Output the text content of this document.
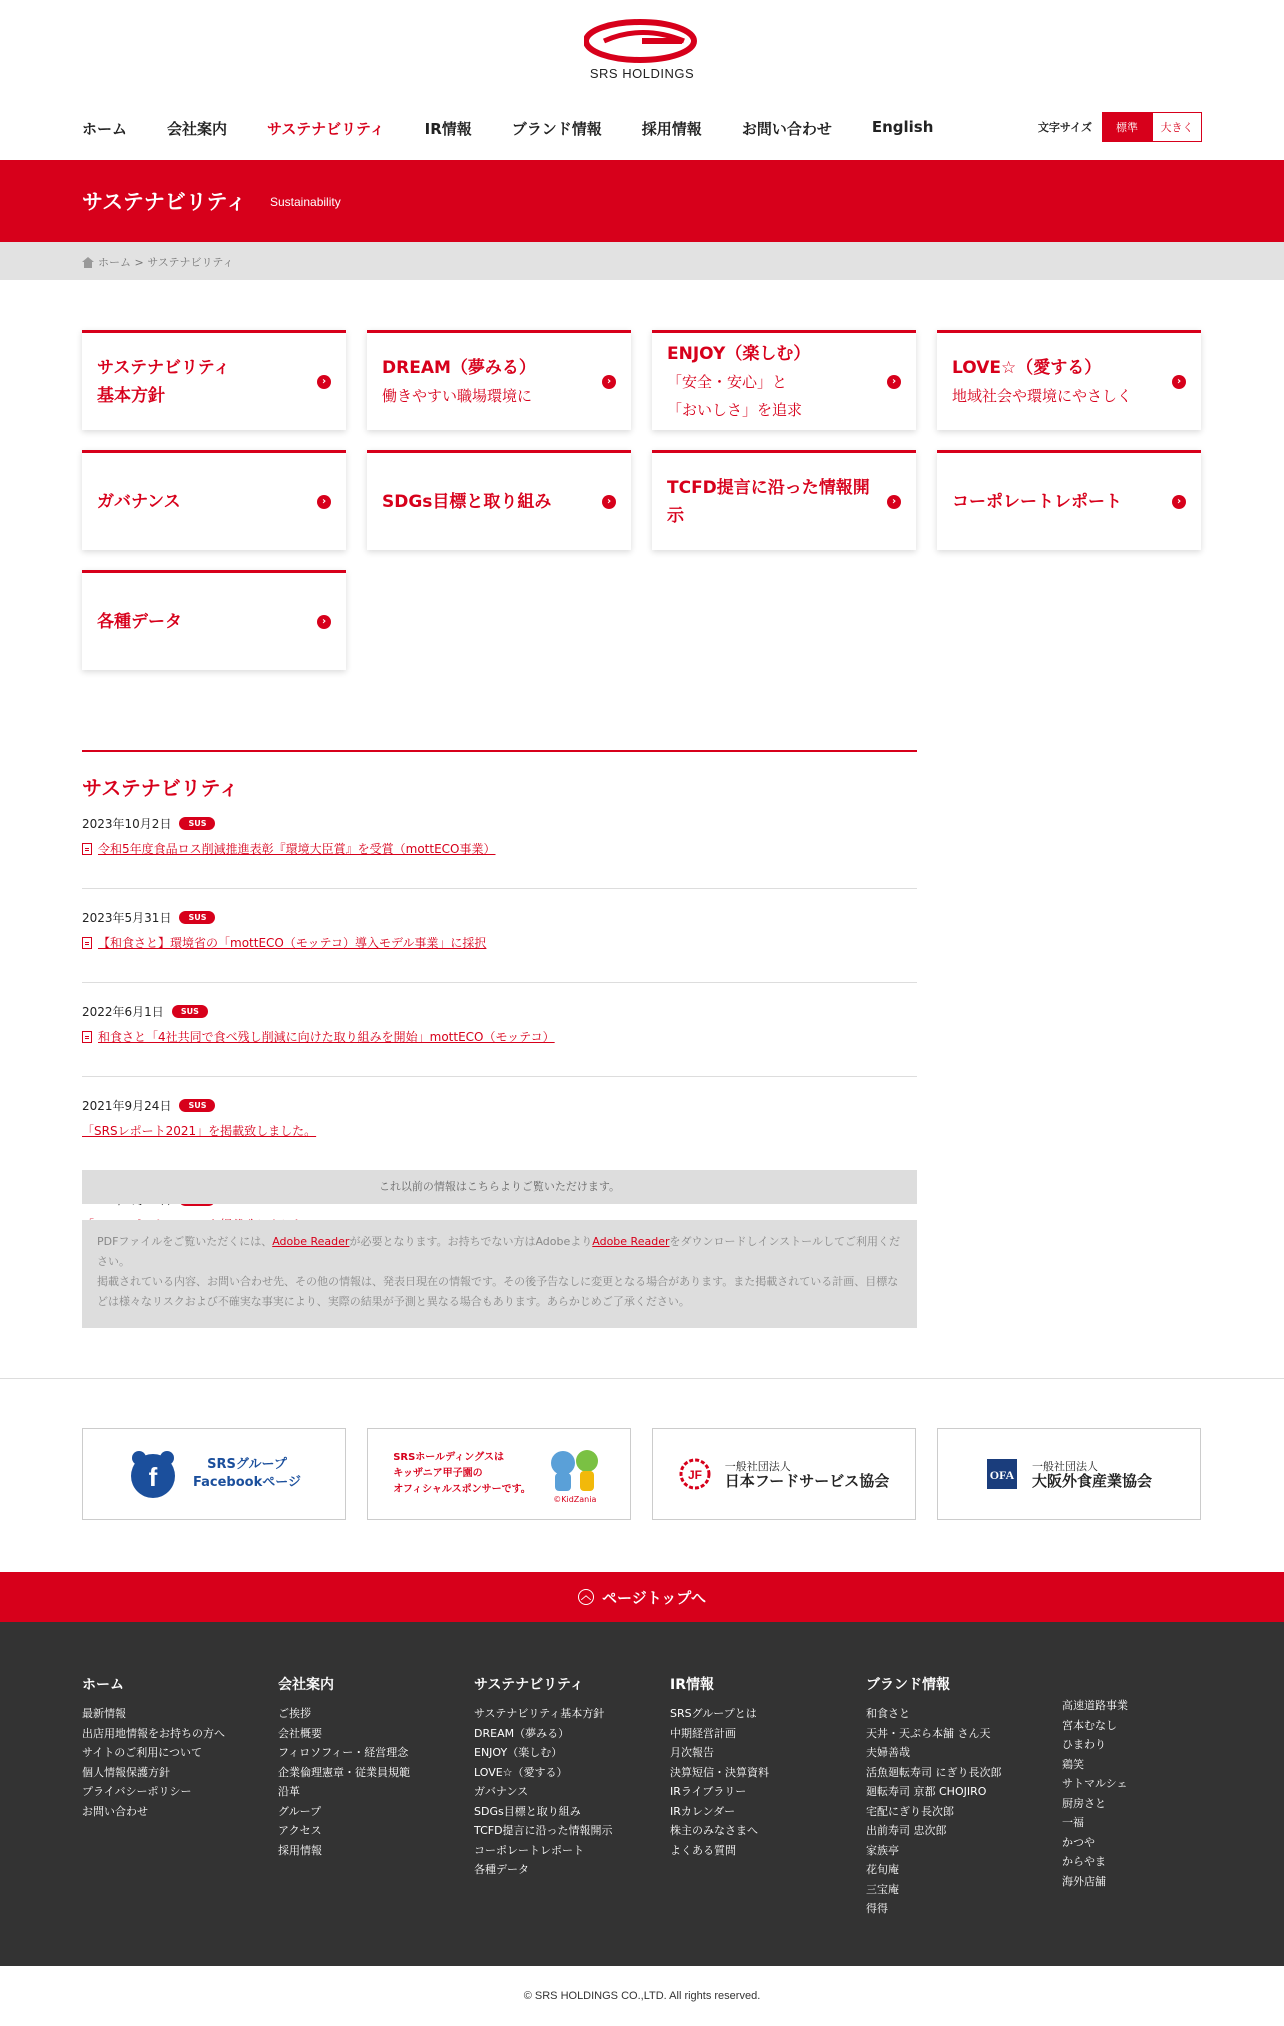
SRS HOLDINGS
ホーム	会社案内	サステナビリティ	IR情報	ブランド情報	採用情報	お問い合わせ	English	文字サイズ	標準	大きく
サステナビリティ Sustainability
ホーム > サステナビリティ
サステナビリティ
基本方針
›
DREAM（夢みる）
働きやすい職場環境に
›
ENJOY（楽しむ）
「安全・安心」と
「おいしさ」を追求
›
LOVE☆（愛する）
地域社会や環境にやさしく
›
ガバナンス	›	SDGs目標と取り組み	›
TCFD提言に沿った情報開示
›	コーポレートレポート	›
各種データ	›
サステナビリティ
2023年10月2日	SUS
令和5年度食品ロス削減推進表彰『環境大臣賞』を受賞（mottECO事業）
2023年5月31日	SUS
【和食さと】環境省の「mottECO（モッテコ）導入モデル事業」に採択
2022年6月1日	SUS
和食さと「4社共同で食べ残し削減に向けた取り組みを開始」mottECO（モッテコ）
2021年9月24日	SUS
「SRSレポート2021」を掲載致しました。
これ以前の情報はこちらよりご覧いただけます。
PDFファイルをご覧いただくには、Adobe Readerが必要となります。お持ちでない方はAdobeよりAdobe Readerをダウンロードしインストールしてご利用ください。
掲載されている内容、お問い合わせ先、その他の情報は、発表日現在の情報です。その後予告なしに変更となる場合があります。また掲載されている計画、目標などは様々なリスクおよび不確実な事実により、実際の結果が予測と異なる場合もあります。あらかじめご了承ください。
f	SRSグループ
Facebookページ
SRSホールディングスは
キッザニア甲子園の
オフィシャルスポンサーです。
©KidZania
JF
一般社団法人
日本フードサービス協会	OFA
一般社団法人
大阪外食産業協会
︿ ページトップへ
ホーム
最新情報
出店用地情報をお持ちの方へ
サイトのご利用について
個人情報保護方針
プライバシーポリシー
お問い合わせ
会社案内
ご挨拶
会社概要
フィロソフィー・経営理念
企業倫理憲章・従業員規範
沿革
グループ
アクセス
採用情報
サステナビリティ
サステナビリティ基本方針
DREAM（夢みる）
ENJOY（楽しむ）
LOVE☆（愛する）
ガバナンス
SDGs目標と取り組み
TCFD提言に沿った情報開示
コーポレートレポート
各種データ
IR情報
SRSグループとは
中期経営計画
月次報告
決算短信・決算資料
IRライブラリー
IRカレンダー
株主のみなさまへ
よくある質問
ブランド情報
和食さと
天丼・天ぷら本舗 さん天
夫婦善哉
活魚廻転寿司 にぎり長次郎
廻転寿司 京都 CHOJIRO
宅配にぎり長次郎
出前寿司 忠次郎
家族亭
花旬庵
三宝庵
得得
高速道路事業
宮本むなし
ひまわり
鶏笑
サトマルシェ
厨房さと
一福
かつや
からやま
海外店舗
© SRS HOLDINGS CO.,LTD. All rights reserved.
